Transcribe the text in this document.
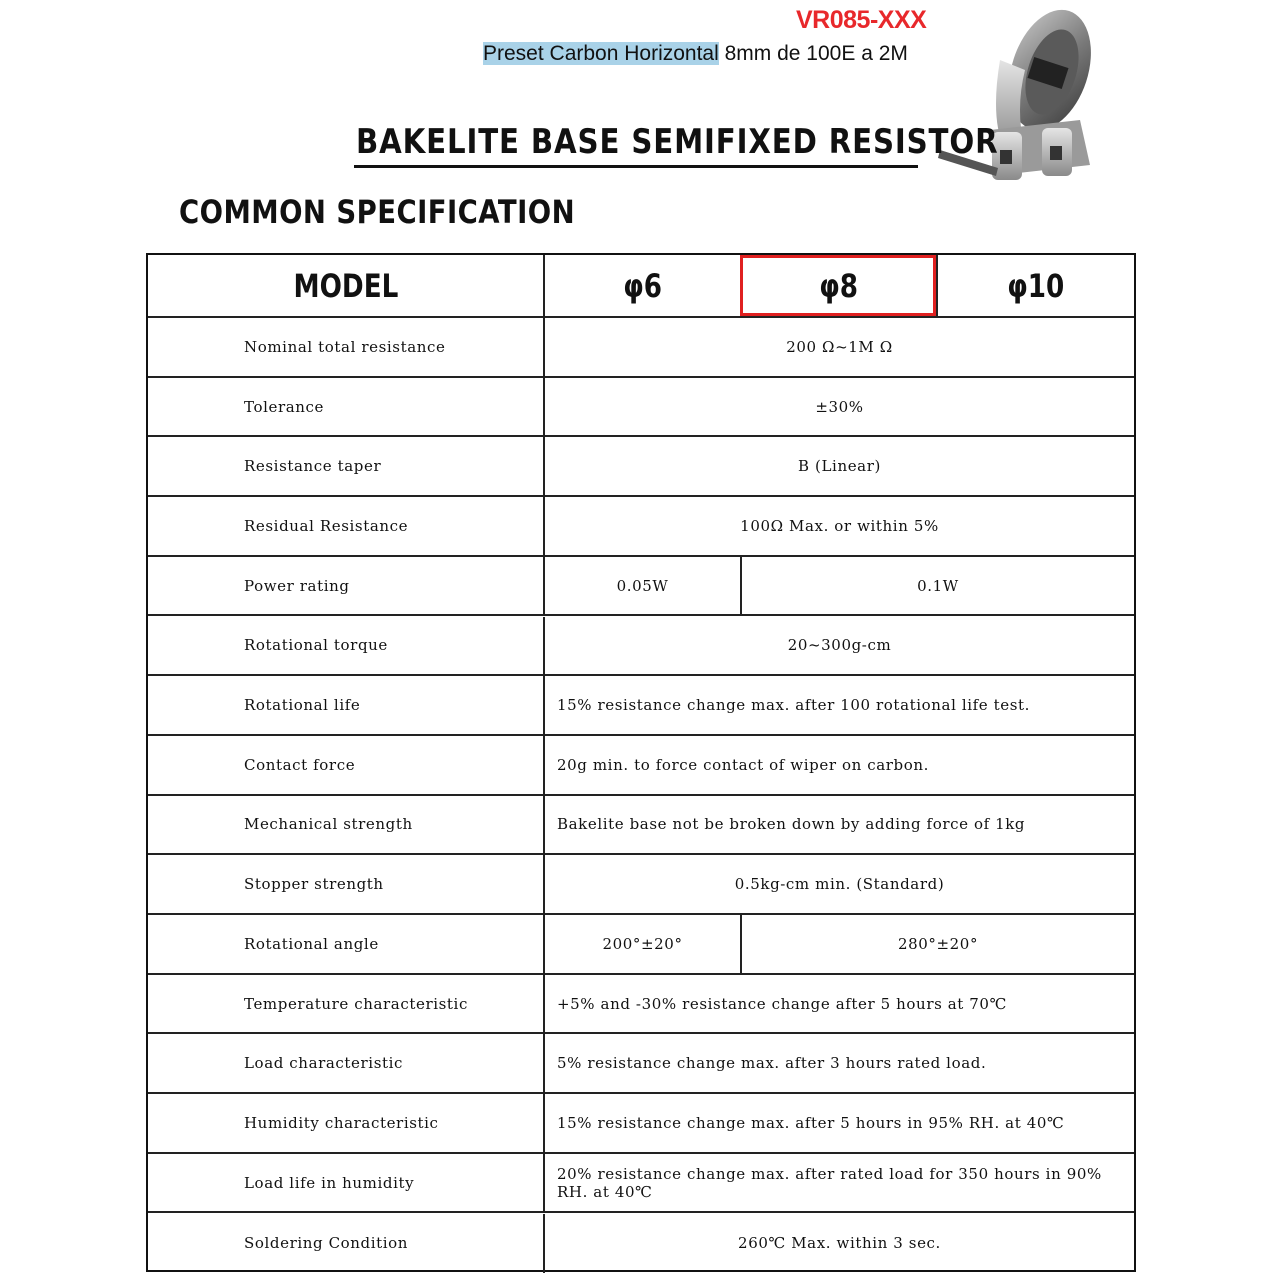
VR085-XXX
Preset Carbon Horizontal 8mm de 100E a 2M
BAKELITE BASE SEMIFIXED RESISTOR
COMMON SPECIFICATION
MODEL	φ6	φ8	φ10
Nominal total resistance	200 Ω~1M Ω
Tolerance	±30%
Resistance taper	B (Linear)
Residual Resistance	100Ω Max. or within 5%
Power rating	0.05W	0.1W
Rotational torque	20~300g-cm
Rotational life	15% resistance change max. after 100 rotational life test.
Contact force	20g min. to force contact of wiper on carbon.
Mechanical strength	Bakelite base not be broken down by adding force of 1kg
Stopper strength	0.5kg-cm min. (Standard)
Rotational angle	200°±20°	280°±20°
Temperature characteristic	+5% and -30% resistance change after 5 hours at 70℃
Load characteristic	5% resistance change max. after 3 hours rated load.
Humidity characteristic	15% resistance change max. after 5 hours in 95% RH. at 40℃
Load life in humidity	20% resistance change max. after rated load for 350 hours in 90% RH. at 40℃
Soldering Condition	260℃ Max. within 3 sec.
